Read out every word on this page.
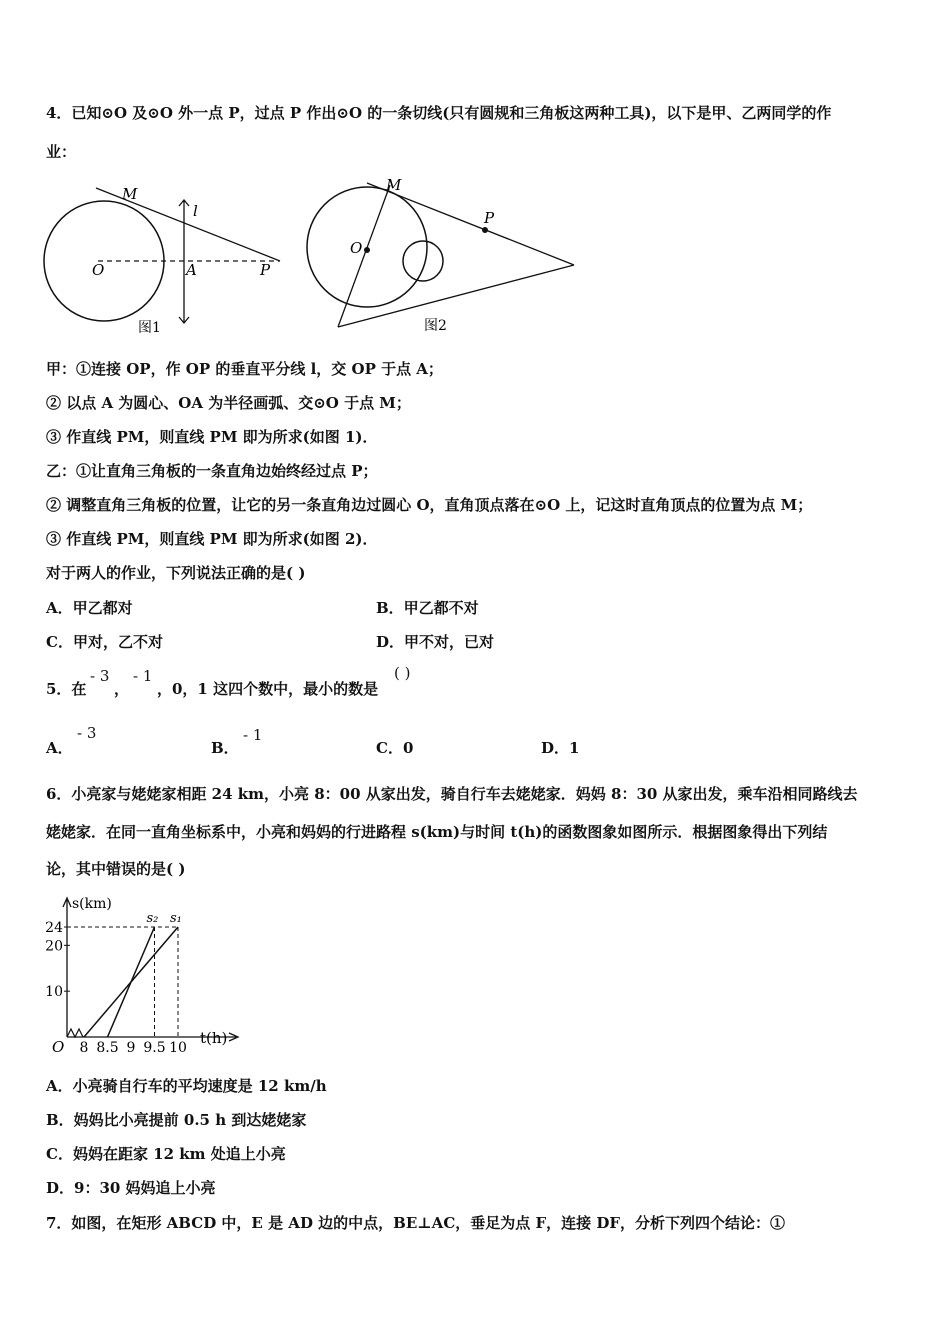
4．已知⊙O 及⊙O 外一点 P，过点 P 作出⊙O 的一条切线(只有圆规和三角板这两种工具)，以下是甲、乙两同学的作
业：
M
l
O	A	P
图1
M
P
O
图2
甲：①连接 OP，作 OP 的垂直平分线 l，交 OP 于点 A；
② 以点 A 为圆心、OA 为半径画弧、交⊙O 于点 M；
③ 作直线 PM，则直线 PM 即为所求(如图 1)．
乙：①让直角三角板的一条直角边始终经过点 P；
② 调整直角三角板的位置，让它的另一条直角边过圆心 O，直角顶点落在⊙O 上，记这时直角顶点的位置为点 M；
③ 作直线 PM，则直线 PM 即为所求(如图 2)．
对于两人的作业，下列说法正确的是( )
A．甲乙都对	B．甲乙都不对
C．甲对，乙不对	D．甲不对，已对
5．在
- 3
，
- 1
，0，1 这四个数中，最小的数是
( )
A．
- 3
B．
- 1
C．0	D．1
6．小亮家与姥姥家相距 24 km，小亮 8：00 从家出发，骑自行车去姥姥家．妈妈 8：30 从家出发，乘车沿相同路线去
姥姥家．在同一直角坐标系中，小亮和妈妈的行进路程 s(km)与时间 t(h)的函数图象如图所示．根据图象得出下列结
论，其中错误的是( )
s₁
s₂
8 8.5 9 9.5 10
10
20
24
s(km)
t(h)
O
A．小亮骑自行车的平均速度是 12 km/h
B．妈妈比小亮提前 0.5 h 到达姥姥家
C．妈妈在距家 12 km 处追上小亮
D．9：30 妈妈追上小亮
7．如图，在矩形 ABCD 中，E 是 AD 边的中点，BE⊥AC，垂足为点 F，连接 DF，分析下列四个结论：①
